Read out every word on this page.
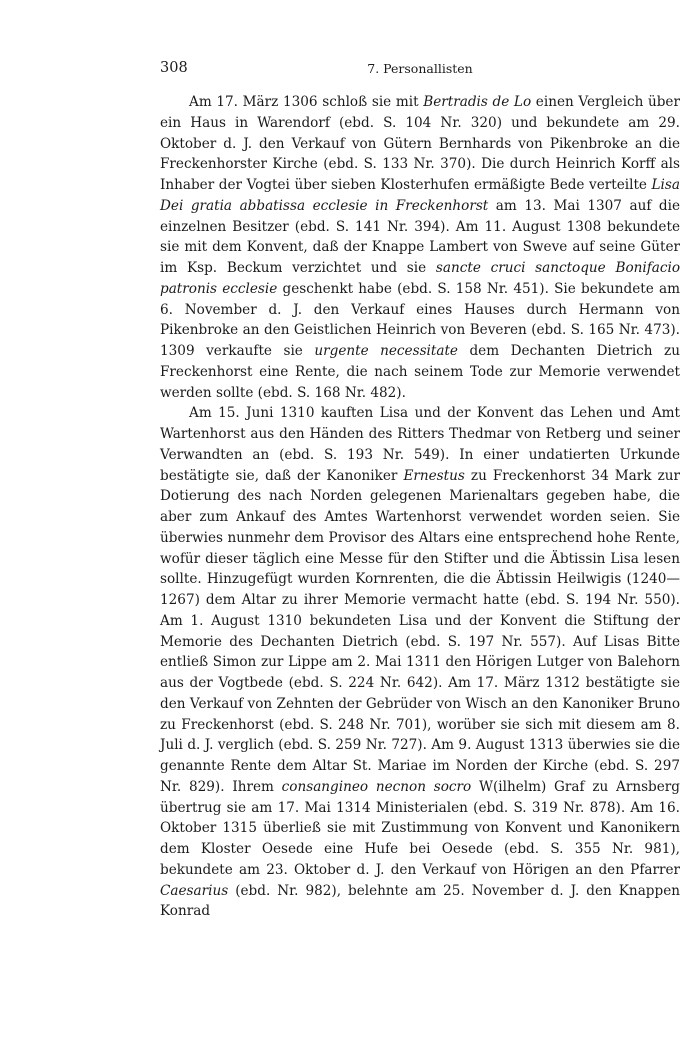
308	7. Personallisten

Am 17. März 1306 schloß sie mit Bertradis de Lo einen Vergleich über ein Haus in Warendorf (ebd. S. 104 Nr. 320) und bekundete am 29. Oktober d. J. den Verkauf von Gütern Bernhards von Pikenbroke an die Freckenhorster Kirche (ebd. S. 133 Nr. 370). Die durch Heinrich Korff als Inhaber der Vogtei über sieben Klosterhufen ermäßigte Bede verteilte Lisa Dei gratia abbatissa ecclesie in Freckenhorst am 13. Mai 1307 auf die einzelnen Besitzer (ebd. S. 141 Nr. 394). Am 11. August 1308 bekundete sie mit dem Konvent, daß der Knappe Lambert von Sweve auf seine Güter im Ksp. Beckum verzichtet und sie sancte cruci sanctoque Bonifacio patronis ecclesie geschenkt habe (ebd. S. 158 Nr. 451). Sie bekundete am 6. November d. J. den Verkauf eines Hauses durch Hermann von Pikenbroke an den Geistlichen Heinrich von Beveren (ebd. S. 165 Nr. 473). 1309 verkaufte sie urgente necessitate dem Dechanten Dietrich zu Freckenhorst eine Rente, die nach seinem Tode zur Memorie verwendet werden sollte (ebd. S. 168 Nr. 482).

Am 15. Juni 1310 kauften Lisa und der Konvent das Lehen und Amt Wartenhorst aus den Händen des Ritters Thedmar von Retberg und seiner Verwandten an (ebd. S. 193 Nr. 549). In einer undatierten Urkunde bestätigte sie, daß der Kanoniker Ernestus zu Freckenhorst 34 Mark zur Dotierung des nach Norden gelegenen Marienaltars gegeben habe, die aber zum Ankauf des Amtes Wartenhorst verwendet worden seien. Sie überwies nunmehr dem Provisor des Altars eine entsprechend hohe Rente, wofür dieser täglich eine Messe für den Stifter und die Äbtissin Lisa lesen sollte. Hinzugefügt wurden Kornrenten, die die Äbtissin Heilwigis (1240—1267) dem Altar zu ihrer Memorie vermacht hatte (ebd. S. 194 Nr. 550). Am 1. August 1310 bekundeten Lisa und der Konvent die Stiftung der Memorie des Dechanten Dietrich (ebd. S. 197 Nr. 557). Auf Lisas Bitte entließ Simon zur Lippe am 2. Mai 1311 den Hörigen Lutger von Balehorn aus der Vogtbede (ebd. S. 224 Nr. 642). Am 17. März 1312 bestätigte sie den Verkauf von Zehnten der Gebrüder von Wisch an den Kanoniker Bruno zu Freckenhorst (ebd. S. 248 Nr. 701), worüber sie sich mit diesem am 8. Juli d. J. verglich (ebd. S. 259 Nr. 727). Am 9. August 1313 überwies sie die genannte Rente dem Altar St. Mariae im Norden der Kirche (ebd. S. 297 Nr. 829). Ihrem consangineo necnon socro W(ilhelm) Graf zu Arnsberg übertrug sie am 17. Mai 1314 Ministerialen (ebd. S. 319 Nr. 878). Am 16. Oktober 1315 überließ sie mit Zustimmung von Konvent und Kanonikern dem Kloster Oesede eine Hufe bei Oesede (ebd. S. 355 Nr. 981), bekundete am 23. Oktober d. J. den Verkauf von Hörigen an den Pfarrer Caesarius (ebd. Nr. 982), belehnte am 25. November d. J. den Knappen Konrad
